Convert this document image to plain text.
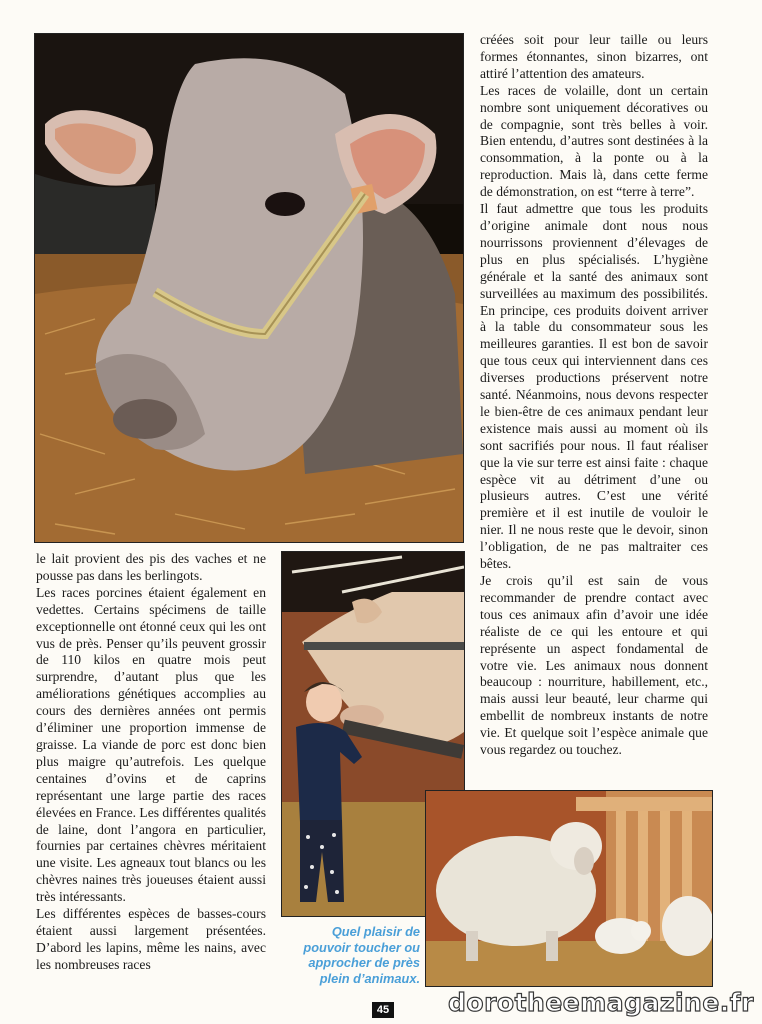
le lait provient des pis des vaches et ne pousse pas dans les berlingots.

Les races porcines étaient également en vedettes. Certains spécimens de taille exceptionnelle ont étonné ceux qui les ont vus de près. Penser qu’ils peuvent grossir de 110 kilos en quatre mois peut surprendre, d’autant plus que les améliorations génétiques accomplies au cours des dernières années ont permis d’éliminer une proportion immense de graisse. La viande de porc est donc bien plus maigre qu’autrefois. Les quelque centaines d’ovins et de caprins représentant une large partie des races élevées en France. Les différentes qualités de laine, dont l’angora en particulier, fournies par certaines chèvres méritaient une visite. Les agneaux tout blancs ou les chèvres naines très joueuses étaient aussi très intéressants.

Les différentes espèces de basses-cours étaient aussi largement présentées. D’abord les lapins, même les nains, avec les nombreuses races

créées soit pour leur taille ou leurs formes étonnantes, sinon bizarres, ont attiré l’attention des amateurs.

Les races de volaille, dont un certain nombre sont uniquement décoratives ou de compagnie, sont très belles à voir. Bien entendu, d’autres sont destinées à la consommation, à la ponte ou à la reproduction. Mais là, dans cette ferme de démonstration, on est “terre à terre”.

Il faut admettre que tous les produits d’origine animale dont nous nous nourrissons proviennent d’élevages de plus en plus spécialisés. L’hygiène générale et la santé des animaux sont surveillées au maximum des possibilités. En principe, ces produits doivent arriver à la table du consommateur sous les meilleures garanties. Il est bon de savoir que tous ceux qui interviennent dans ces diverses productions préservent notre santé. Néanmoins, nous devons respecter le bien-être de ces animaux pendant leur existence mais aussi au moment où ils sont sacrifiés pour nous. Il faut réaliser que la vie sur terre est ainsi faite : chaque espèce vit au détriment d’une ou plusieurs autres. C’est une vérité première et il est inutile de vouloir le nier. Il ne nous reste que le devoir, sinon l’obligation, de ne pas maltraiter ces bêtes.

Je crois qu’il est sain de vous recommander de prendre contact avec tous ces animaux afin d’avoir une idée réaliste de ce qui les entoure et qui représente un aspect fondamental de votre vie. Les animaux nous donnent beaucoup : nourriture, habillement, etc., mais aussi leur beauté, leur charme qui embellit de nombreux instants de notre vie. Et quelque soit l’espèce animale que vous regardez ou touchez.

Quel plaisir de pouvoir toucher ou approcher de près plein d’animaux.
45 dorotheemagazine.fr
